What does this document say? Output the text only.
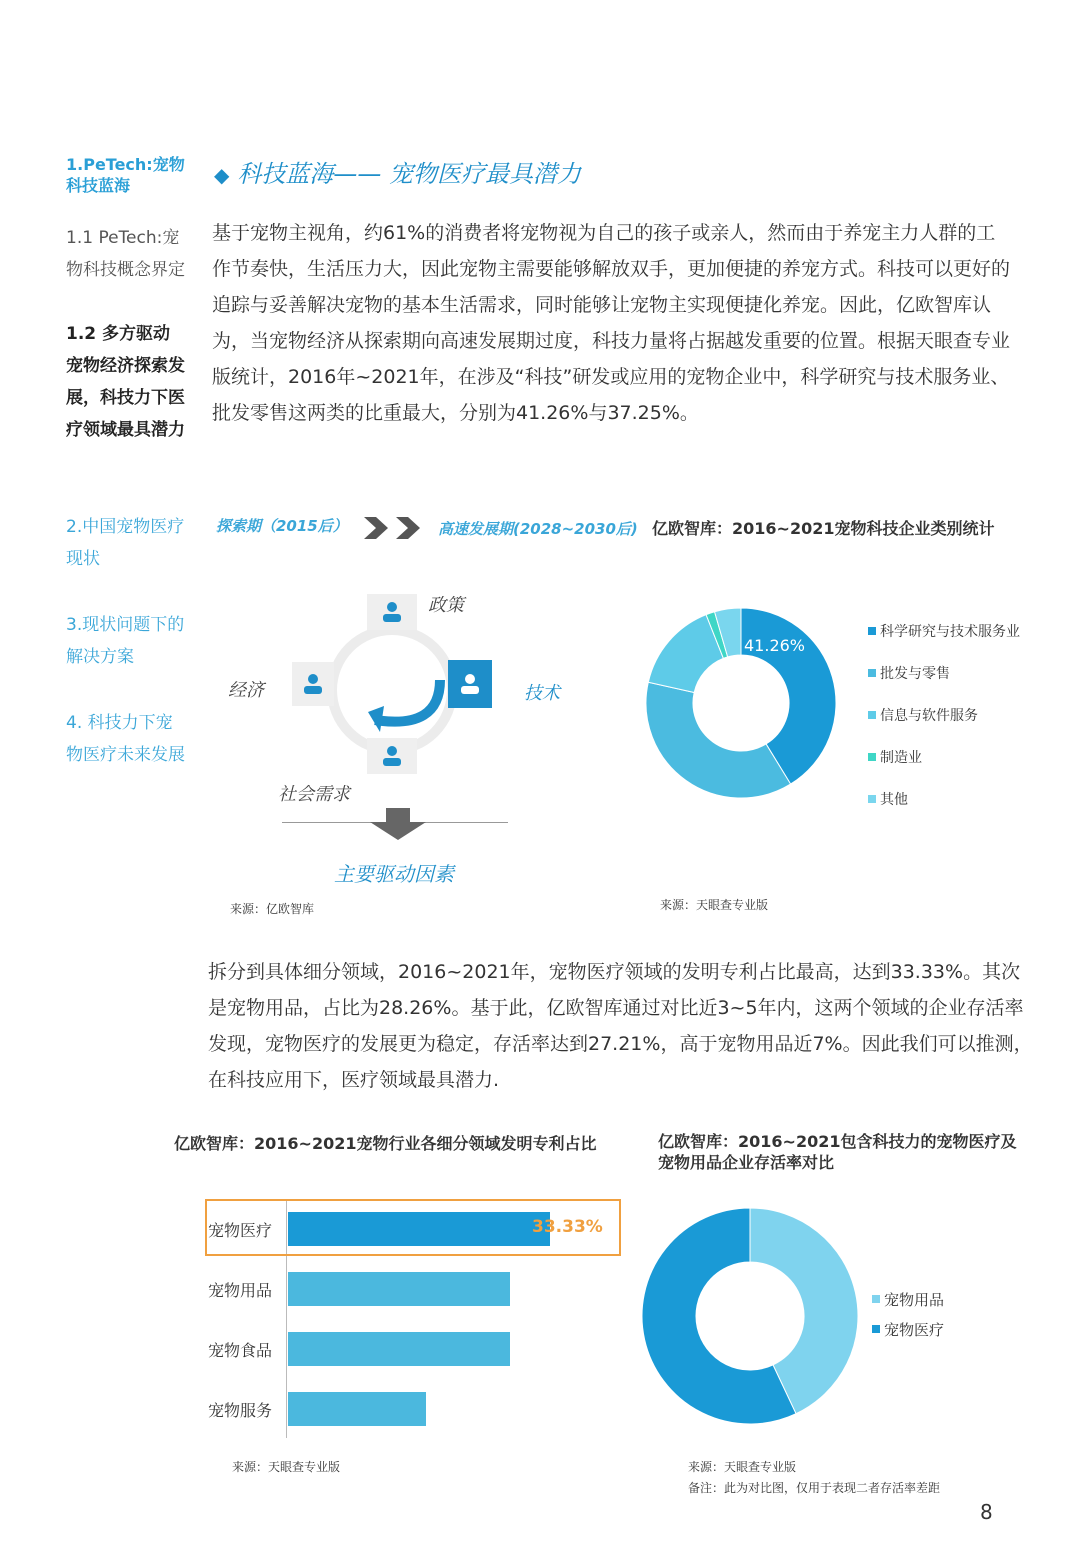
1.PeTech:宠物科技蓝海
1.1 PeTech:宠物科技概念界定
1.2 多方驱动宠物经济探索发展，科技力下医疗领域最具潜力
2.中国宠物医疗现状
3.现状问题下的解决方案
4. 科技力下宠物医疗未来发展
◆ 科技蓝海—— 宠物医疗最具潜力
基于宠物主视角，约61%的消费者将宠物视为自己的孩子或亲人，然而由于养宠主力人群的工作节奏快，生活压力大，因此宠物主需要能够解放双手，更加便捷的养宠方式。科技可以更好的追踪与妥善解决宠物的基本生活需求，同时能够让宠物主实现便捷化养宠。因此，亿欧智库认为，当宠物经济从探索期向高速发展期过度，科技力量将占据越发重要的位置。根据天眼查专业版统计，2016年~2021年，在涉及“科技”研发或应用的宠物企业中，科学研究与技术服务业、批发零售这两类的比重最大，分别为41.26%与37.25%。
探索期（2015后）	高速发展期(2028~2030后) 亿欧智库：2016~2021宠物科技企业类别统计
政策
经济	技术
社会需求
主要驱动因素
来源：亿欧智库
41.26%
科学研究与技术服务业
批发与零售
信息与软件服务
制造业
其他
来源：天眼查专业版
拆分到具体细分领域，2016~2021年，宠物医疗领域的发明专利占比最高，达到33.33%。其次是宠物用品，占比为28.26%。基于此，亿欧智库通过对比近3~5年内，这两个领域的企业存活率发现，宠物医疗的发展更为稳定，存活率达到27.21%，高于宠物用品近7%。因此我们可以推测，在科技应用下，医疗领域最具潜力.
亿欧智库：2016~2021宠物行业各细分领域发明专利占比
宠物医疗
宠物用品
宠物食品
宠物服务
33.33%
来源：天眼查专业版
亿欧智库：2016~2021包含科技力的宠物医疗及宠物用品企业存活率对比
宠物用品
宠物医疗
来源：天眼查专业版
备注：此为对比图，仅用于表现二者存活率差距
8
